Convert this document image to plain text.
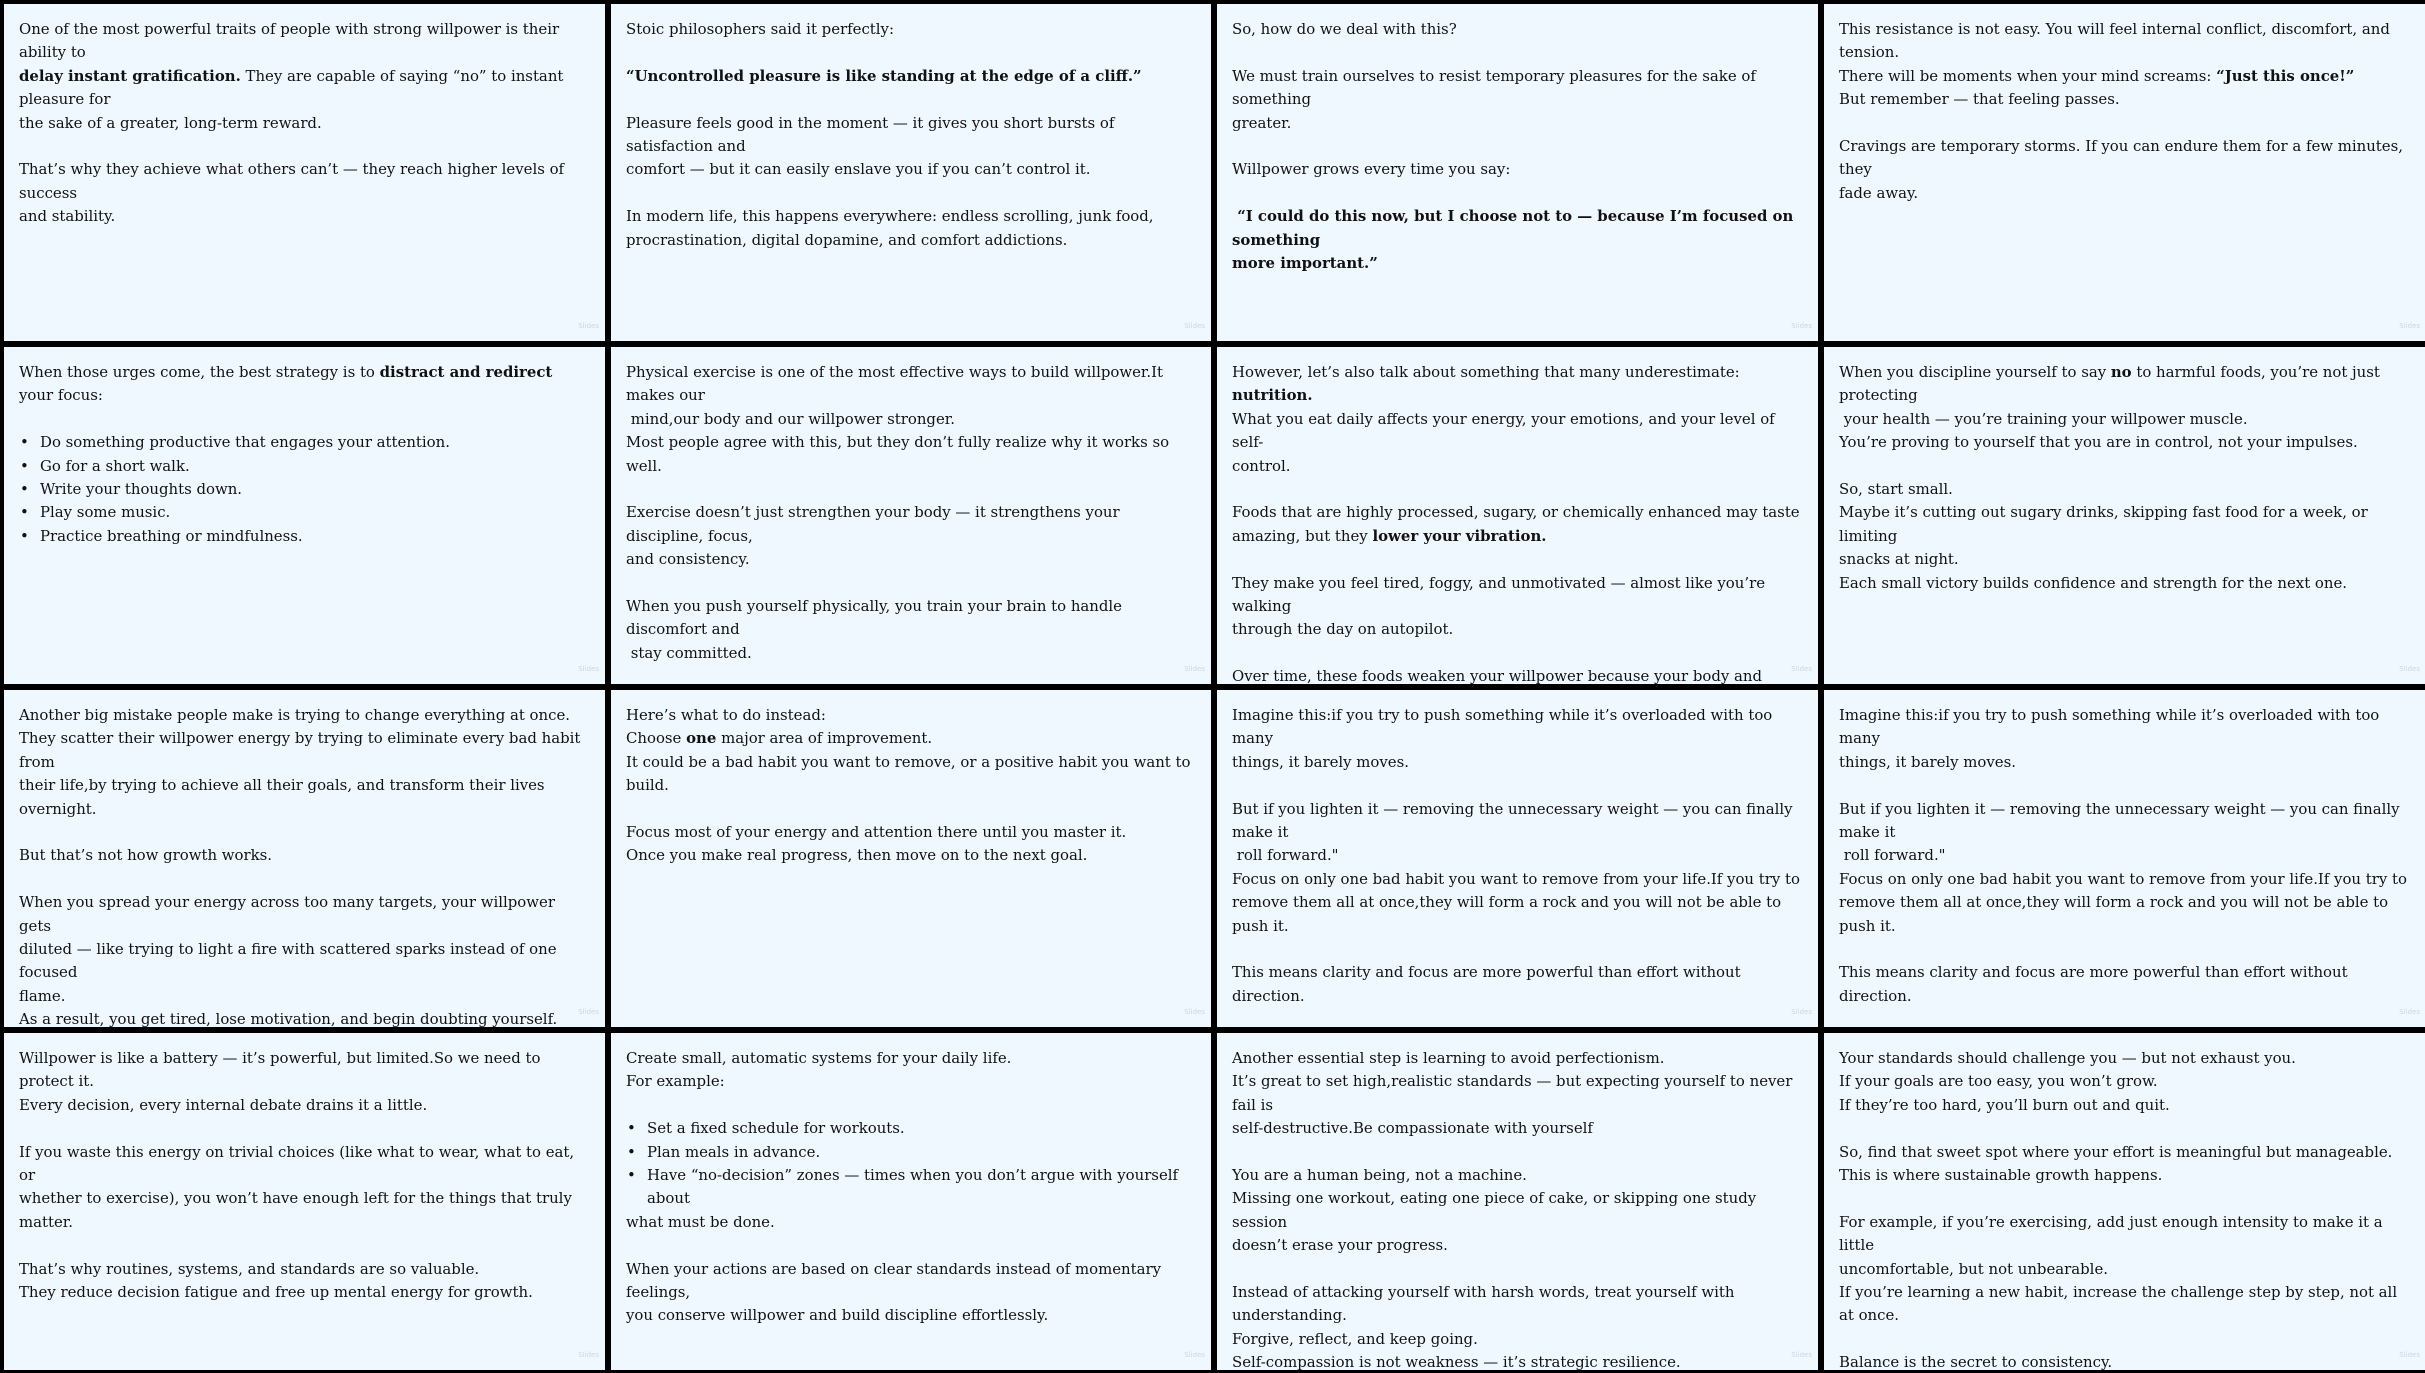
One of the most powerful traits of people with strong willpower is their ability to
delay instant gratification. They are capable of saying “no” to instant pleasure for
the sake of a greater, long-term reward.
That’s why they achieve what others can’t — they reach higher levels of success
and stability.
Slides
Stoic philosophers said it perfectly:
“Uncontrolled pleasure is like standing at the edge of a cliff.”
Pleasure feels good in the moment — it gives you short bursts of satisfaction and
comfort — but it can easily enslave you if you can’t control it.
In modern life, this happens everywhere: endless scrolling, junk food,
procrastination, digital dopamine, and comfort addictions.
Slides
So, how do we deal with this?
We must train ourselves to resist temporary pleasures for the sake of something
greater.
Willpower grows every time you say:
“I could do this now, but I choose not to — because I’m focused on something
more important.”
Slides
This resistance is not easy. You will feel internal conflict, discomfort, and tension.
There will be moments when your mind screams: “Just this once!”
But remember — that feeling passes.
Cravings are temporary storms. If you can endure them for a few minutes, they
fade away.
Slides
When those urges come, the best strategy is to distract and redirect your focus:
• Do something productive that engages your attention.
• Go for a short walk.
• Write your thoughts down.
• Play some music.
• Practice breathing or mindfulness.
Slides
Physical exercise is one of the most effective ways to build willpower.It makes our
mind,our body and our willpower stronger.
Most people agree with this, but they don’t fully realize why it works so well.
Exercise doesn’t just strengthen your body — it strengthens your discipline, focus,
and consistency.
When you push yourself physically, you train your brain to handle discomfort and
stay committed.
Slides
However, let’s also talk about something that many underestimate: nutrition.
What you eat daily affects your energy, your emotions, and your level of self-
control.
Foods that are highly processed, sugary, or chemically enhanced may taste
amazing, but they lower your vibration.
They make you feel tired, foggy, and unmotivated — almost like you’re walking
through the day on autopilot.
Over time, these foods weaken your willpower because your body and	Slides
When you discipline yourself to say no to harmful foods, you’re not just protecting
your health — you’re training your willpower muscle.
You’re proving to yourself that you are in control, not your impulses.
So, start small.
Maybe it’s cutting out sugary drinks, skipping fast food for a week, or limiting
snacks at night.
Each small victory builds confidence and strength for the next one.
Slides
Another big mistake people make is trying to change everything at once.
They scatter their willpower energy by trying to eliminate every bad habit from
their life,by trying to achieve all their goals, and transform their lives overnight.
But that’s not how growth works.
When you spread your energy across too many targets, your willpower gets
diluted — like trying to light a fire with scattered sparks instead of one focused
flame.
As a result, you get tired, lose motivation, and begin doubting yourself.	Slides
Here’s what to do instead:
Choose one major area of improvement.
It could be a bad habit you want to remove, or a positive habit you want to build.
Focus most of your energy and attention there until you master it.
Once you make real progress, then move on to the next goal.
Slides
Imagine this:if you try to push something while it’s overloaded with too many
things, it barely moves.
But if you lighten it — removing the unnecessary weight — you can finally make it
roll forward."
Focus on only one bad habit you want to remove from your life.If you try to
remove them all at once,they will form a rock and you will not be able to push it.
This means clarity and focus are more powerful than effort without direction.
Slides
Imagine this:if you try to push something while it’s overloaded with too many
things, it barely moves.
But if you lighten it — removing the unnecessary weight — you can finally make it
roll forward."
Focus on only one bad habit you want to remove from your life.If you try to
remove them all at once,they will form a rock and you will not be able to push it.
This means clarity and focus are more powerful than effort without direction.
Slides
Willpower is like a battery — it’s powerful, but limited.So we need to protect it.
Every decision, every internal debate drains it a little.
If you waste this energy on trivial choices (like what to wear, what to eat, or
whether to exercise), you won’t have enough left for the things that truly matter.
That’s why routines, systems, and standards are so valuable.
They reduce decision fatigue and free up mental energy for growth.
Slides
Create small, automatic systems for your daily life.
For example:
• Set a fixed schedule for workouts.
• Plan meals in advance.
• Have “no-decision” zones — times when you don’t argue with yourself about
what must be done.
When your actions are based on clear standards instead of momentary feelings,
you conserve willpower and build discipline effortlessly.
Slides
Another essential step is learning to avoid perfectionism.
It’s great to set high,realistic standards — but expecting yourself to never fail is
self-destructive.Be compassionate with yourself
You are a human being, not a machine.
Missing one workout, eating one piece of cake, or skipping one study session
doesn’t erase your progress.
Instead of attacking yourself with harsh words, treat yourself with understanding.
Forgive, reflect, and keep going.
Self-compassion is not weakness — it’s strategic resilience.	Slides
Your standards should challenge you — but not exhaust you.
If your goals are too easy, you won’t grow.
If they’re too hard, you’ll burn out and quit.
So, find that sweet spot where your effort is meaningful but manageable.
This is where sustainable growth happens.
For example, if you’re exercising, add just enough intensity to make it a little
uncomfortable, but not unbearable.
If you’re learning a new habit, increase the challenge step by step, not all at once.
Balance is the secret to consistency.	Slides
